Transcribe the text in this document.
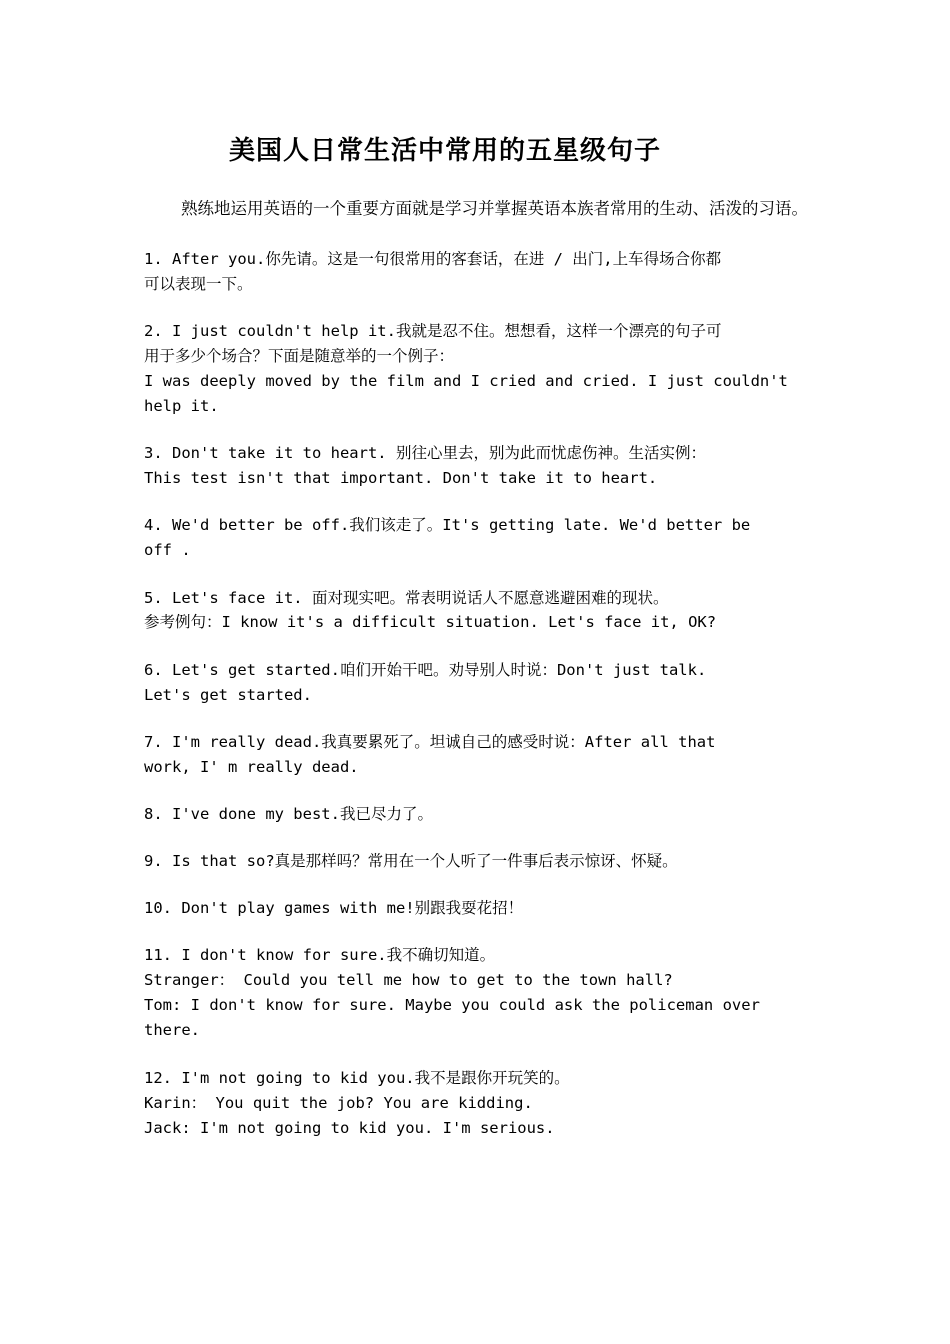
美国人日常生活中常用的五星级句子
熟练地运用英语的一个重要方面就是学习并掌握英语本族者常用的生动、活泼的习语。
1. After you.你先请。这是一句很常用的客套话，在进 / 出门,上车得场合你都
可以表现一下。
2. I just couldn't help it.我就是忍不住。想想看，这样一个漂亮的句子可
用于多少个场合？下面是随意举的一个例子：
I was deeply moved by the film and I cried and cried. I just couldn't
help it.
3. Don't take it to heart. 别往心里去，别为此而忧虑伤神。生活实例：
This test isn't that important. Don't take it to heart.
4. We'd better be off.我们该走了。It's getting late. We'd better be
off .
5. Let's face it. 面对现实吧。常表明说话人不愿意逃避困难的现状。
参考例句：I know it's a difficult situation. Let's face it, OK?
6. Let's get started.咱们开始干吧。劝导别人时说：Don't just talk.
Let's get started.
7. I'm really dead.我真要累死了。坦诚自己的感受时说：After all that
work, I' m really dead.
8. I've done my best.我已尽力了。
9. Is that so?真是那样吗？常用在一个人听了一件事后表示惊讶、怀疑。
10. Don't play games with me!别跟我耍花招！
11. I don't know for sure.我不确切知道。
Stranger： Could you tell me how to get to the town hall?
Tom: I don't know for sure. Maybe you could ask the policeman over
there.
12. I'm not going to kid you.我不是跟你开玩笑的。
Karin： You quit the job? You are kidding.
Jack: I'm not going to kid you. I'm serious.
